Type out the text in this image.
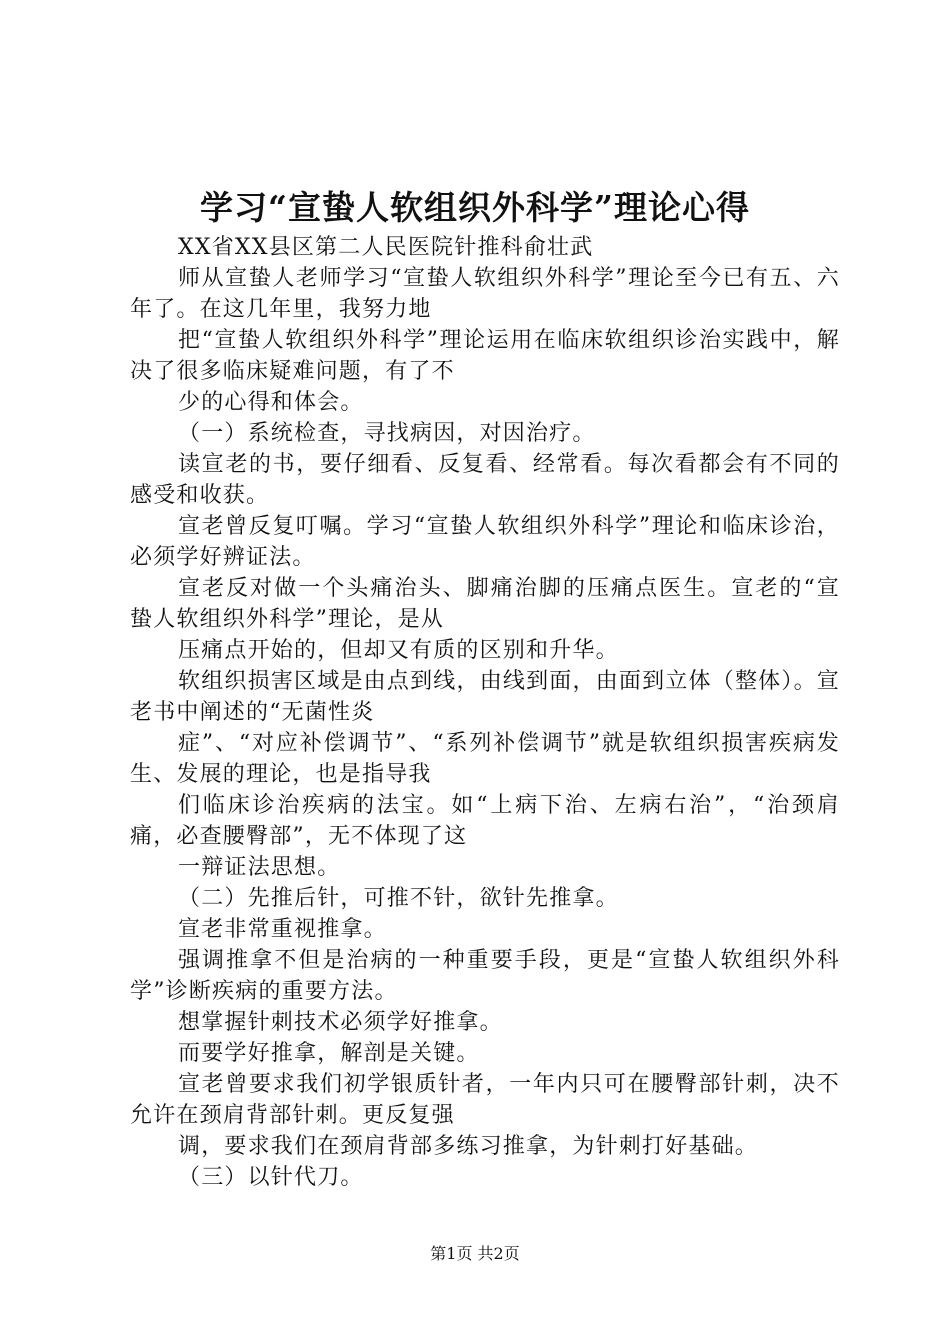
学习“宣蛰人软组织外科学”理论心得

XX省XX县区第二人民医院针推科俞壮武

师从宣蛰人老师学习“宣蛰人软组织外科学”理论至今已有五、六年了。在这几年里，我努力地

把“宣蛰人软组织外科学”理论运用在临床软组织诊治实践中，解决了很多临床疑难问题，有了不

少的心得和体会。

（一）系统检查，寻找病因，对因治疗。

读宣老的书，要仔细看、反复看、经常看。每次看都会有不同的感受和收获。

宣老曾反复叮嘱。学习“宣蛰人软组织外科学”理论和临床诊治，必须学好辨证法。

宣老反对做一个头痛治头、脚痛治脚的压痛点医生。宣老的“宣蛰人软组织外科学”理论，是从

压痛点开始的，但却又有质的区别和升华。

软组织损害区域是由点到线，由线到面，由面到立体（整体）。宣老书中阐述的“无菌性炎

症”、“对应补偿调节”、“系列补偿调节”就是软组织损害疾病发生、发展的理论，也是指导我

们临床诊治疾病的法宝。如“上病下治、左病右治”，“治颈肩痛，必查腰臀部”，无不体现了这

一辩证法思想。

（二）先推后针，可推不针，欲针先推拿。

宣老非常重视推拿。

强调推拿不但是治病的一种重要手段，更是“宣蛰人软组织外科学”诊断疾病的重要方法。

想掌握针刺技术必须学好推拿。

而要学好推拿，解剖是关键。

宣老曾要求我们初学银质针者，一年内只可在腰臀部针刺，决不允许在颈肩背部针刺。更反复强

调，要求我们在颈肩背部多练习推拿，为针刺打好基础。

（三）以针代刀。

第1页 共2页
